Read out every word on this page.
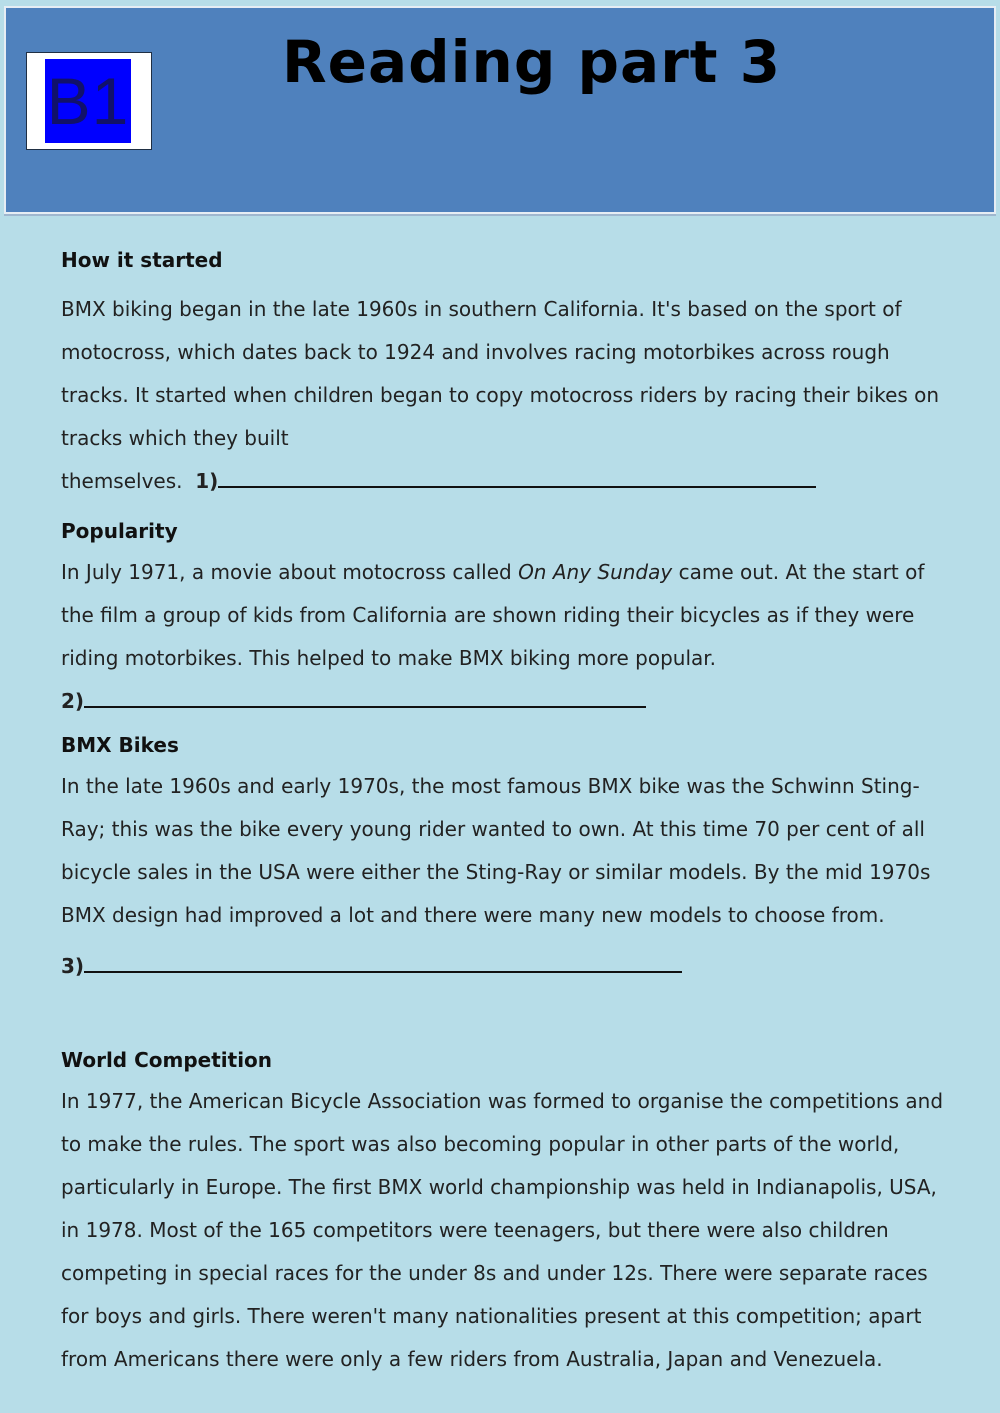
B1
Reading part 3
How it started

BMX biking began in the late 1960s in southern California. It's based on the sport of motocross, which dates back to 1924 and involves racing motorbikes across rough tracks. It started when children began to copy motocross riders by racing their bikes on tracks which they built themselves. 1)

Popularity

In July 1971, a movie about motocross called On Any Sunday came out. At the start of the film a group of kids from California are shown riding their bicycles as if they were riding motorbikes. This helped to make BMX biking more popular.

2)

BMX Bikes

In the late 1960s and early 1970s, the most famous BMX bike was the Schwinn Sting-Ray; this was the bike every young rider wanted to own. At this time 70 per cent of all bicycle sales in the USA were either the Sting-Ray or similar models. By the mid 1970s BMX design had improved a lot and there were many new models to choose from.

3)

World Competition

In 1977, the American Bicycle Association was formed to organise the competitions and to make the rules. The sport was also becoming popular in other parts of the world, particularly in Europe. The first BMX world championship was held in Indianapolis, USA, in 1978. Most of the 165 competitors were teenagers, but there were also children competing in special races for the under 8s and under 12s. There were separate races for boys and girls. There weren't many nationalities present at this competition; apart from Americans there were only a few riders from Australia, Japan and Venezuela.
